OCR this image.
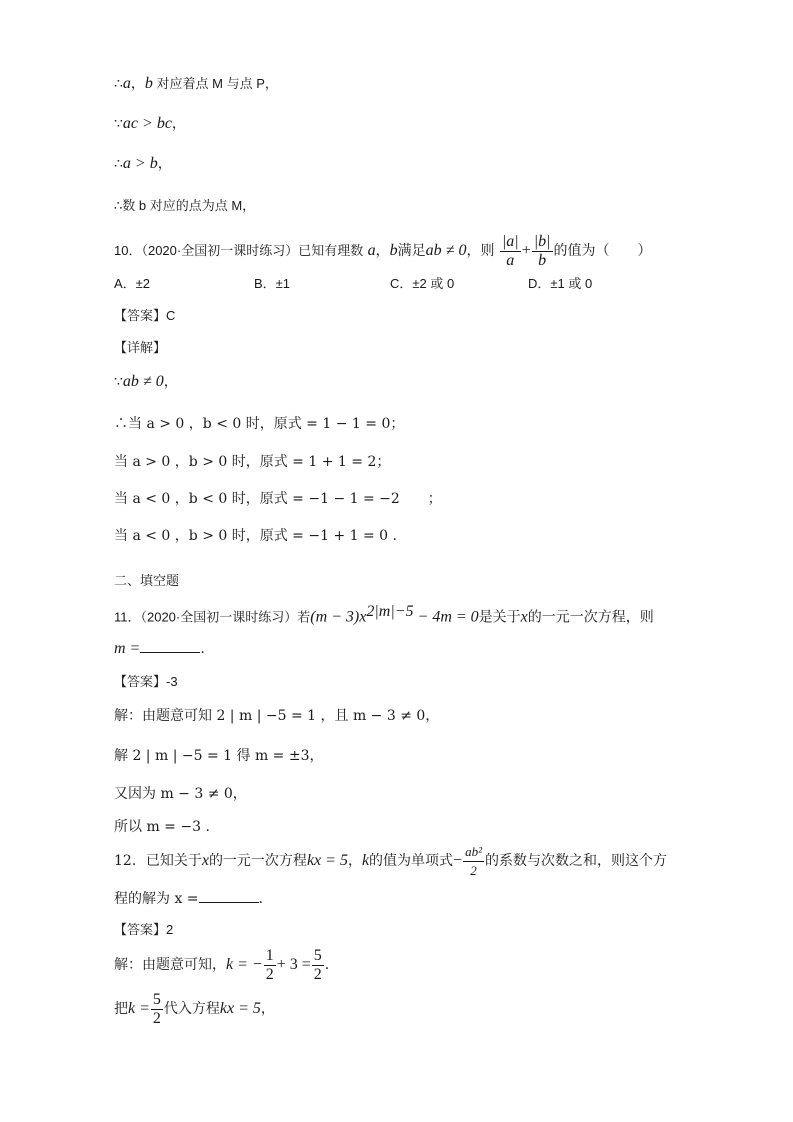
∴a，b 对应着点 M 与点 P，
∵ac > bc，
∴a > b，
∴数 b 对应的点为点 M，
10．（2020·全国初一课时练习）已知有理数 a，b满足ab ≠ 0，则 $\frac{|a|}{a} + \frac{|b|}{b}$ 的值为（　　）
A．±2	B．±1	C．±2 或 0	D．±1 或 0
【答案】C
【详解】
∵ab ≠ 0，
∴当 a > 0 ，b < 0 时，原式 = 1 − 1 = 0；
当 a > 0 ，b > 0 时，原式 = 1 + 1 = 2；
当 a < 0 ，b < 0 时，原式 = −1 − 1 = −2　　；
当 a < 0 ，b > 0 时，原式 = −1 + 1 = 0 .
二、填空题
11．（2020·全国初一课时练习）若$(m - 3)x^{2|m|-5} - 4m = 0$是关于x的一元一次方程，则
m =	.
【答案】-3
解：由题意可知 2 | m | −5 = 1 ，且 m − 3 ≠ 0，
解 2 | m | −5 = 1 得 m = ±3，
又因为 m − 3 ≠ 0，
所以 m = −3 .
12．已知关于x的一元一次方程kx = 5，k的值为单项式− $\frac{\text{ab²}}{2}$ 的系数与次数之和，则这个方
程的解为 x =	.
【答案】2
解：由题意可知，k = − $\frac{1}{2} + 3 = \frac{5}{2}$ .
把$k = \frac{5}{2}$ 代入方程kx = 5，
